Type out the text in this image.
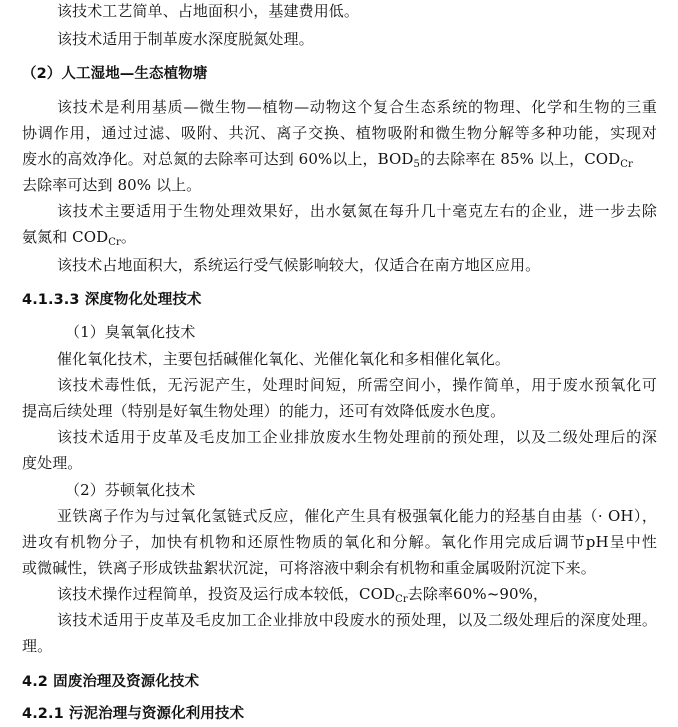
该技术工艺简单、占地面积小，基建费用低。
该技术适用于制革废水深度脱氮处理。
（2）人工湿地—生态植物塘
该技术是利用基质—微生物—植物—动物这个复合生态系统的物理、化学和生物的三重
协调作用，通过过滤、吸附、共沉、离子交换、植物吸附和微生物分解等多种功能，实现对
废水的高效净化。对总氮的去除率可达到 60%以上，$BOD_5$的去除率在 85% 以上，$COD_{Cr}$
去除率可达到 80% 以上。
该技术主要适用于生物处理效果好，出水氨氮在每升几十毫克左右的企业，进一步去除
氨氮和 $COD_{Cr}$。
该技术占地面积大，系统运行受气候影响较大，仅适合在南方地区应用。
4.1.3.3 深度物化处理技术
（1）臭氧氧化技术
催化氧化技术，主要包括碱催化氧化、光催化氧化和多相催化氧化。
该技术毒性低，无污泥产生，处理时间短，所需空间小，操作简单，用于废水预氧化可
提高后续处理（特别是好氧生物处理）的能力，还可有效降低废水色度。
该技术适用于皮革及毛皮加工企业排放废水生物处理前的预处理，以及二级处理后的深
度处理。
（2）芬顿氧化技术
亚铁离子作为与过氧化氢链式反应，催化产生具有极强氧化能力的羟基自由基（· OH），
进攻有机物分子，加快有机物和还原性物质的氧化和分解。氧化作用完成后调节pH呈中性
或微碱性，铁离子形成铁盐絮状沉淀，可将溶液中剩余有机物和重金属吸附沉淀下来。
该技术操作过程简单，投资及运行成本较低，$COD_{Cr}$去除率60%~90%，
该技术适用于皮革及毛皮加工企业排放中段废水的预处理，以及二级处理后的深度处理。
理。
4.2 固废治理及资源化技术
4.2.1 污泥治理与资源化利用技术
